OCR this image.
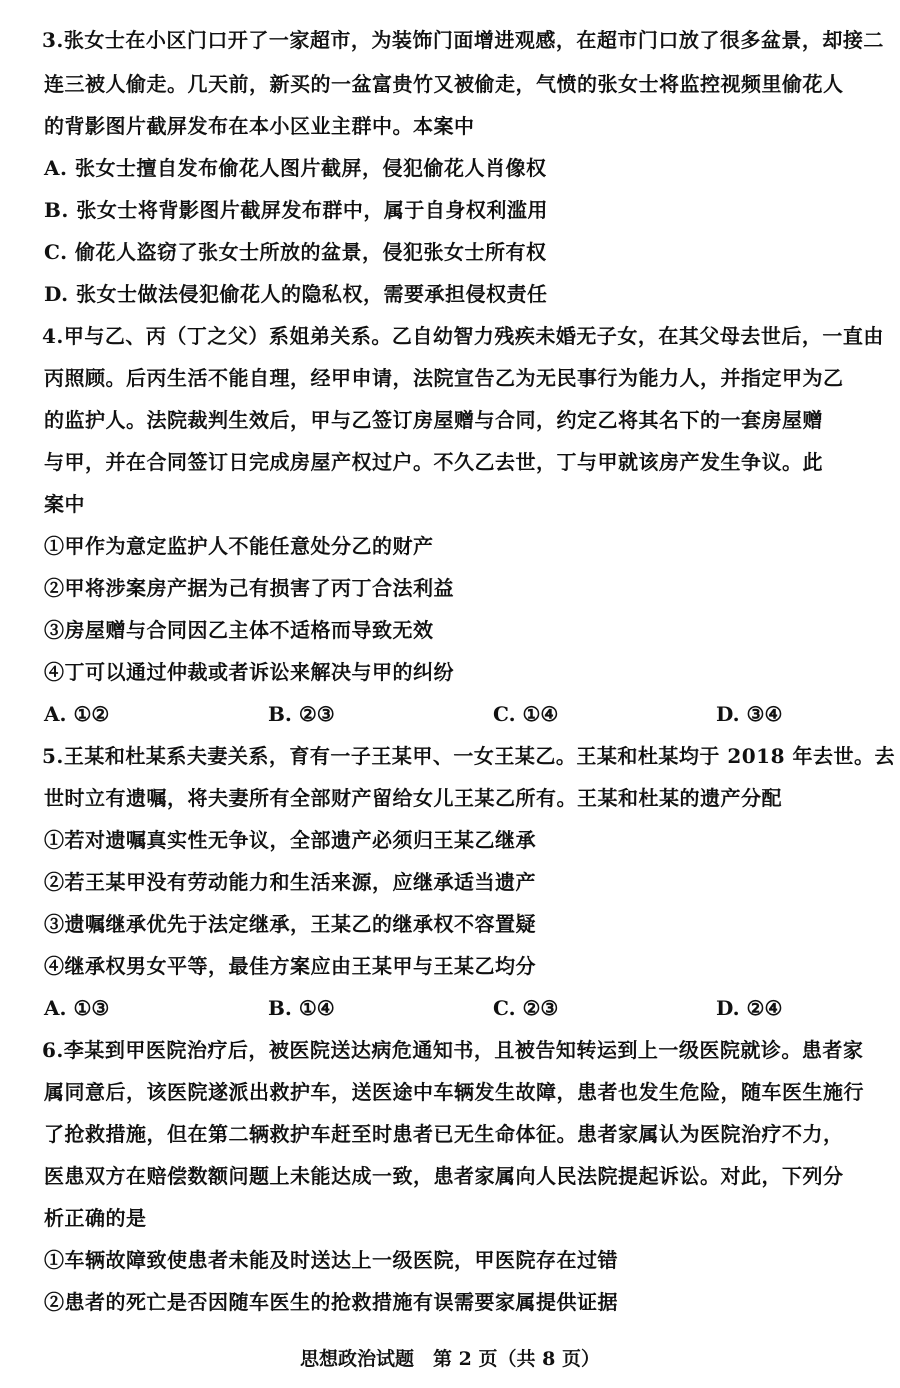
3.张女士在小区门口开了一家超市，为装饰门面增进观感，在超市门口放了很多盆景，却接二
连三被人偷走。几天前，新买的一盆富贵竹又被偷走，气愤的张女士将监控视频里偷花人
的背影图片截屏发布在本小区业主群中。本案中
A. 张女士擅自发布偷花人图片截屏，侵犯偷花人肖像权
B. 张女士将背影图片截屏发布群中，属于自身权利滥用
C. 偷花人盗窃了张女士所放的盆景，侵犯张女士所有权
D. 张女士做法侵犯偷花人的隐私权，需要承担侵权责任
4.甲与乙、丙（丁之父）系姐弟关系。乙自幼智力残疾未婚无子女，在其父母去世后，一直由
丙照顾。后丙生活不能自理，经甲申请，法院宣告乙为无民事行为能力人，并指定甲为乙
的监护人。法院裁判生效后，甲与乙签订房屋赠与合同，约定乙将其名下的一套房屋赠
与甲，并在合同签订日完成房屋产权过户。不久乙去世，丁与甲就该房产发生争议。此
案中
①甲作为意定监护人不能任意处分乙的财产
②甲将涉案房产据为己有损害了丙丁合法利益
③房屋赠与合同因乙主体不适格而导致无效
④丁可以通过仲裁或者诉讼来解决与甲的纠纷
A. ①②	B. ②③	C. ①④	D. ③④
5.王某和杜某系夫妻关系，育有一子王某甲、一女王某乙。王某和杜某均于 2018 年去世。去
世时立有遗嘱，将夫妻所有全部财产留给女儿王某乙所有。王某和杜某的遗产分配
①若对遗嘱真实性无争议，全部遗产必须归王某乙继承
②若王某甲没有劳动能力和生活来源，应继承适当遗产
③遗嘱继承优先于法定继承，王某乙的继承权不容置疑
④继承权男女平等，最佳方案应由王某甲与王某乙均分
A. ①③	B. ①④	C. ②③	D. ②④
6.李某到甲医院治疗后，被医院送达病危通知书，且被告知转运到上一级医院就诊。患者家
属同意后，该医院遂派出救护车，送医途中车辆发生故障，患者也发生危险，随车医生施行
了抢救措施，但在第二辆救护车赶至时患者已无生命体征。患者家属认为医院治疗不力，
医患双方在赔偿数额问题上未能达成一致，患者家属向人民法院提起诉讼。对此，下列分
析正确的是
①车辆故障致使患者未能及时送达上一级医院，甲医院存在过错
②患者的死亡是否因随车医生的抢救措施有误需要家属提供证据
思想政治试题　第 2 页（共 8 页）
